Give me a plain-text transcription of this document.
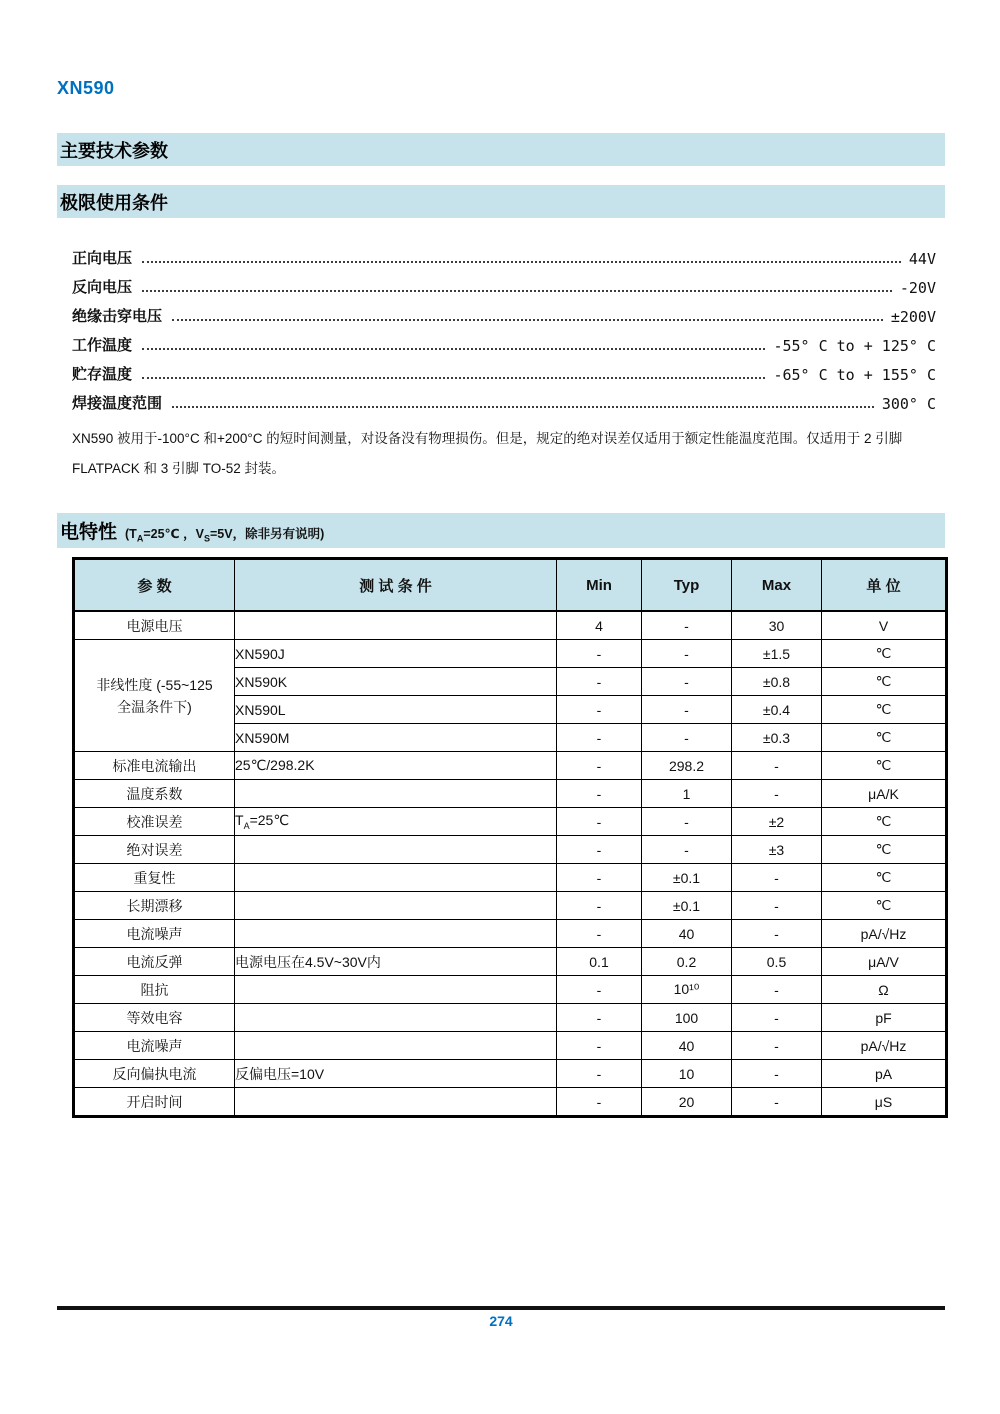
XN590
主要技术参数
极限使用条件
正向电压	44V
反向电压	-20V
绝缘击穿电压	±200V
工作温度	-55° C to + 125° C
贮存温度	-65° C to + 155° C
焊接温度范围	300° C
XN590 被用于-100°C 和+200°C 的短时间测量，对设备没有物理损伤。但是，规定的绝对误差仅适用于额定性能温度范围。仅适用于 2 引脚
FLATPACK 和 3 引脚 TO-52 封装。
电特性 ($T_A=25℃$ ，$V_S=5V$，除非另有说明)
参 数	测 试 条 件	Min	Typ	Max	单 位
电源电压		4	-	30	V

非线性度 (-55~125
全温条件下)	XN590J	-	-	±1.5	℃
	XN590K	-	-	±0.8	℃
	XN590L	-	-	±0.4	℃
	XN590M	-	-	±0.3	℃
标准电流输出	25℃/298.2K	-	298.2	-	℃
温度系数		-	1	-	μA/K
校准误差	$T_A=25℃$	-	-	±2	℃
绝对误差		-	-	±3	℃
重复性		-	±0.1	-	℃
长期漂移		-	±0.1	-	℃
电流噪声		-	40	-	pA/√Hz
电流反弹	电源电压在4.5V~30V内	0.1	0.2	0.5	μA/V
阻抗		-	10¹⁰	-	Ω
等效电容		-	100	-	pF
电流噪声		-	40	-	pA/√Hz
反向偏执电流	反偏电压=10V	-	10	-	pA
开启时间		-	20	-	μS
274
